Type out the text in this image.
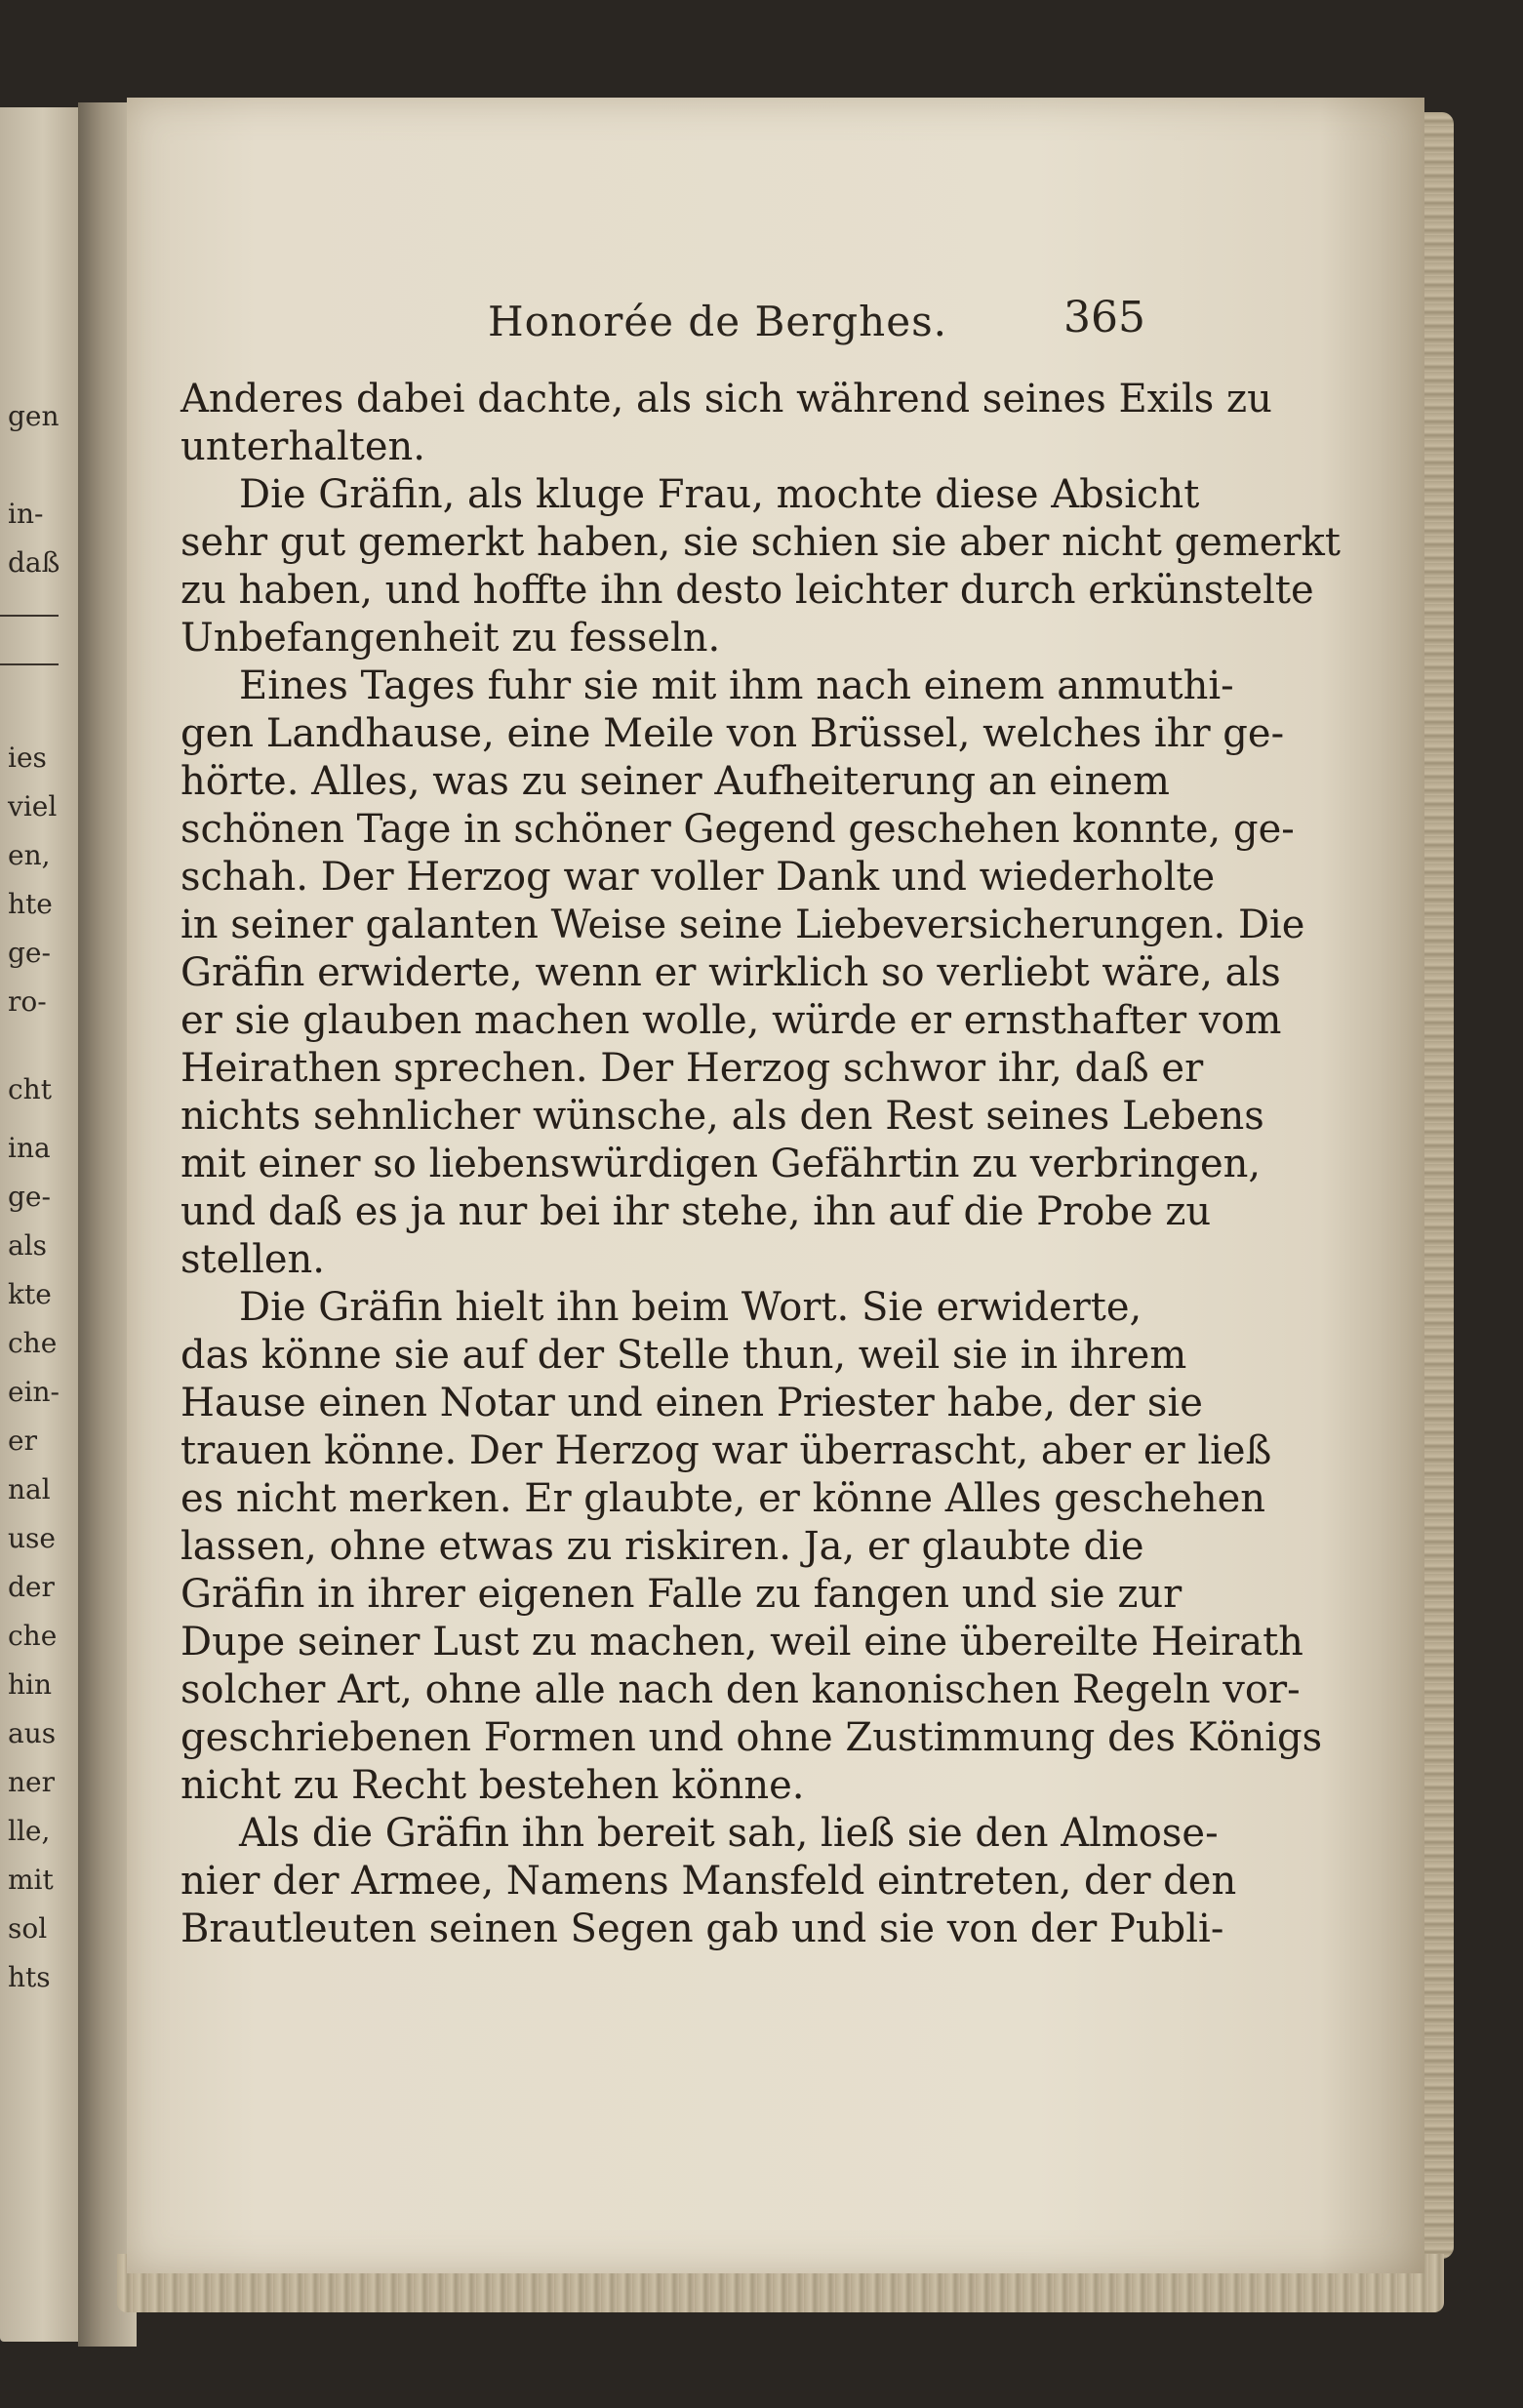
gen
in-
daß
ies
viel
en,
hte
ge-
ro-
cht
ina
ge-
als
kte
che
ein-
er
nal
use
der
che
hin
aus
ner
lle,
mit
sol
hts
Honorée de Berghes.	365
Anderes dabei dachte, als sich während seines Exils zu
unterhalten.
Die Gräfin, als kluge Frau, mochte diese Absicht
sehr gut gemerkt haben, sie schien sie aber nicht gemerkt
zu haben, und hoffte ihn desto leichter durch erkünstelte
Unbefangenheit zu fesseln.
Eines Tages fuhr sie mit ihm nach einem anmuthi-
gen Landhause, eine Meile von Brüssel, welches ihr ge-
hörte. Alles, was zu seiner Aufheiterung an einem
schönen Tage in schöner Gegend geschehen konnte, ge-
schah. Der Herzog war voller Dank und wiederholte
in seiner galanten Weise seine Liebeversicherungen. Die
Gräfin erwiderte, wenn er wirklich so verliebt wäre, als
er sie glauben machen wolle, würde er ernsthafter vom
Heirathen sprechen. Der Herzog schwor ihr, daß er
nichts sehnlicher wünsche, als den Rest seines Lebens
mit einer so liebenswürdigen Gefährtin zu verbringen,
und daß es ja nur bei ihr stehe, ihn auf die Probe zu
stellen.
Die Gräfin hielt ihn beim Wort. Sie erwiderte,
das könne sie auf der Stelle thun, weil sie in ihrem
Hause einen Notar und einen Priester habe, der sie
trauen könne. Der Herzog war überrascht, aber er ließ
es nicht merken. Er glaubte, er könne Alles geschehen
lassen, ohne etwas zu riskiren. Ja, er glaubte die
Gräfin in ihrer eigenen Falle zu fangen und sie zur
Dupe seiner Lust zu machen, weil eine übereilte Heirath
solcher Art, ohne alle nach den kanonischen Regeln vor-
geschriebenen Formen und ohne Zustimmung des Königs
nicht zu Recht bestehen könne.
Als die Gräfin ihn bereit sah, ließ sie den Almose-
nier der Armee, Namens Mansfeld eintreten, der den
Brautleuten seinen Segen gab und sie von der Publi-
